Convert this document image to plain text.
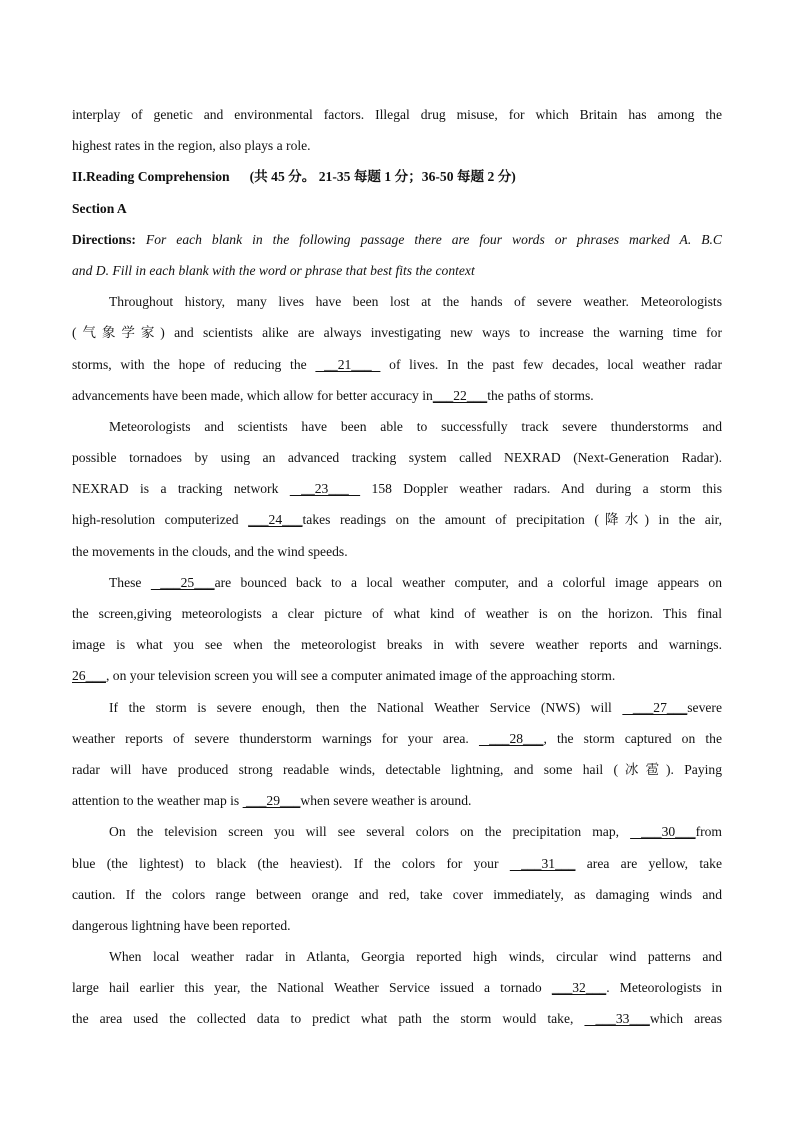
interplay of genetic and environmental factors. Illegal drug misuse, for which Britain has among the
highest rates in the region, also plays a role.
II.Reading Comprehension (共 45 分。 21-35 每题 1 分；36-50 每题 2 分)
Section A
Directions: For each blank in the following passage there are four words or phrases marked A. B.C
and D. Fill in each blank with the word or phrase that best fits the context
Throughout history, many lives have been lost at the hands of severe weather. Meteorologists
(气象学家) and scientists alike are always investigating new ways to increase the warning time for
storms, with the hope of reducing the  __21___  of lives. In the past few decades, local weather radar
advancements have been made, which allow for better accuracy in___22___the paths of storms.
Meteorologists and scientists have been able to successfully track severe thunderstorms and
possible tornadoes by using an advanced tracking system called NEXRAD (Next-Generation Radar).
NEXRAD is a tracking network  __23___  158 Doppler weather radars. And during a storm this
high-resolution computerized ___24___takes readings on the amount of precipitation (降水) in the air,
the movements in the clouds, and the wind speeds.
These  ___25___are bounced back to a local weather computer, and a colorful image appears on
the screen,giving meteorologists a clear picture of what kind of weather is on the horizon. This final
image is what you see when the meteorologist breaks in with severe weather reports and warnings.
26___, on your television screen you will see a computer animated image of the approaching storm.
If the storm is severe enough, then the National Weather Service (NWS) will  ___27___severe
weather reports of severe thunderstorm warnings for your area.  ___28___, the storm captured on the
radar will have produced strong readable winds, detectable lightning, and some hail (冰雹). Paying
attention to the weather map is  ___29___when severe weather is around.
On the television screen you will see several colors on the precipitation map,  ___30___from
blue (the lightest) to black (the heaviest). If the colors for your  ___31___ area are yellow, take
caution. If the colors range between orange and red, take cover immediately, as damaging winds and
dangerous lightning have been reported.
When local weather radar in Atlanta, Georgia reported high winds, circular wind patterns and
large hail earlier this year, the National Weather Service issued a tornado ___32___. Meteorologists in
the area used the collected data to predict what path the storm would take,  ___33___which areas
